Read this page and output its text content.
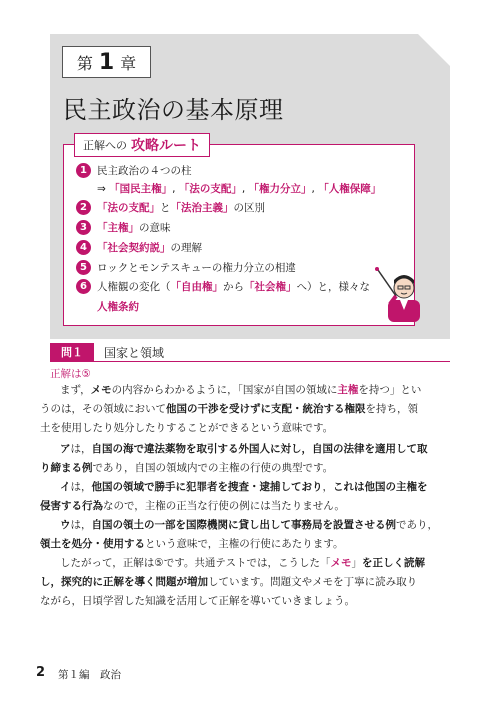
第 1 章
民主政治の基本原理
正解への 攻略ルート
1 民主政治の４つの柱
⇒ 「国民主権」, 「法の支配」, 「権力分立」, 「人権保障」
2 「法の支配」 と 「法治主義」 の区別
3 「主権」 の意味
4 「社会契約説」 の理解
5 ロックとモンテスキューの権力分立の相違
6 人権観の変化（ 「自由権」 から 「社会権」 へ）と，様々な
人権条約
問１	国家と領域
正解は⑤
まず，メモの内容からわかるように，「国家が自国の領域に主権を持つ」とい
うのは，その領域において他国の干渉を受けずに支配・統治する権限を持ち，領
土を使用したり処分したりすることができるという意味です。
アは，自国の海で違法薬物を取引する外国人に対し，自国の法律を適用して取
り締まる例であり，自国の領域内での主権の行使の典型です。
イは，他国の領域で勝手に犯罪者を捜査・逮捕しており，これは他国の主権を
侵害する行為なので，主権の正当な行使の例には当たりません。
ウは，自国の領土の一部を国際機関に貸し出して事務局を設置させる例であり，
領土を処分・使用するという意味で，主権の行使にあたります。
したがって，正解は⑤です。共通テストでは，こうした「メモ」を正しく読解
し，探究的に正解を導く問題が増加しています。問題文やメモを丁寧に読み取り
ながら，日頃学習した知識を活用して正解を導いていきましょう。
2 第１編　政治
